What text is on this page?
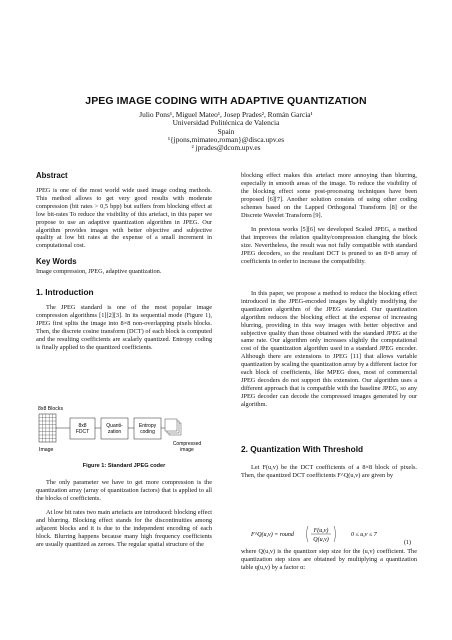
JPEG IMAGE CODING WITH ADAPTIVE QUANTIZATION
Julio Pons¹, Miguel Mateo¹, Josep Prades², Román Garcia¹
Universidad Politécnica de Valencia
Spain
¹{jpons,mimateo,roman}@disca.upv.es
² jprades@dcom.upv.es
Abstract

JPEG is one of the most world wide used image coding methods. This method allows to get very good results with moderate compression (bit rates > 0,5 bpp) but suffers from blocking effect at low bit-rates To reduce the visibility of this artefact, in this paper we propose to use an adaptive quantization algorithm in JPEG. Our algorithm provides images with better objective and subjective quality at low bit rates at the expense of a small increment in computational cost.

Key Words

Image compression, JPEG, adaptive quantization.

1. Introduction

The JPEG standard is one of the most popular image compression algorithms [1][2][3]. In its sequential mode (Figure 1), JPEG first splits the image into 8×8 non-overlapping pixels blocks. Then, the discrete cosine transform (DCT) of each block is computed and the resulting coefficients are scalarly quantized. Entropy coding is finally applied to the quantized coefficients.

8x8 Blocks
Image
8x8
FDCT
Quanti-
zation
Entropy
coding
Compressed
image
Figure 1: Standard JPEG coder

The only parameter we have to get more compression is the quantization array (array of quantization factors) that is applied to all the blocks of coefficients.

At low bit rates two main artefacts are introduced: blocking effect and blurring. Blocking effect stands for the discontinuities among adjacent blocks and it is due to the independent encoding of each block. Blurring happens because many high frequency coefficients are usually quantized as zeroes. The regular spatial structure of the

blocking effect makes this artefact more annoying than blurring, especially in smooth areas of the image. To reduce the visibility of the blocking effect some post-processing techniques have been proposed [6][7]. Another solution consists of using other coding schemes based on the Lapped Orthogonal Transform [8] or the Discrete Wavelet Transform [9].

In previous works [5][6] we developed Scaled JPEG, a method that improves the relation quality/compression changing the block size. Nevertheless, the result was not fully compatible with standard JPEG decoders, so the resultant DCT is pruned to an 8×8 array of coefficients in order to increase the compatibility.

In this paper, we propose a method to reduce the blocking effect introduced in the JPEG-encoded images by slightly modifying the quantization algorithm of the JPEG standard. Our quantization algorithm reduces the blocking effect at the expense of increasing blurring, providing in this way images with better objective and subjective quality than those obtained with the standard JPEG at the same rate. Our algorithm only increases slightly the computational cost of the quantization algorithm used in a standard JPEG encoder. Although there are extensions to JPEG [11] that allows variable quantization by scaling the quantization array by a different factor for each block of coefficients, like MPEG does, most of commercial JPEG decoders do not support this extension. Our algorithm uses a different approach that is compatible with the baseline JPEG, so any JPEG decoder can decode the compressed images generated by our algorithm.

2. Quantization With Threshold

Let F(u,v) be the DCT coefficients of a 8×8 block of pixels. Then, the quantized DCT coefficients F^Q(u,v) are given by

F^Q(u,v) = round
F(u,v)
Q(u,v)
0 ≤ u,v ≤ 7
(1)

where Q(u,v) is the quantizer step size for the (u,v) coefficient. The quantization step sizes are obtained by multiplying a quantization table q(u,v) by a factor α:
